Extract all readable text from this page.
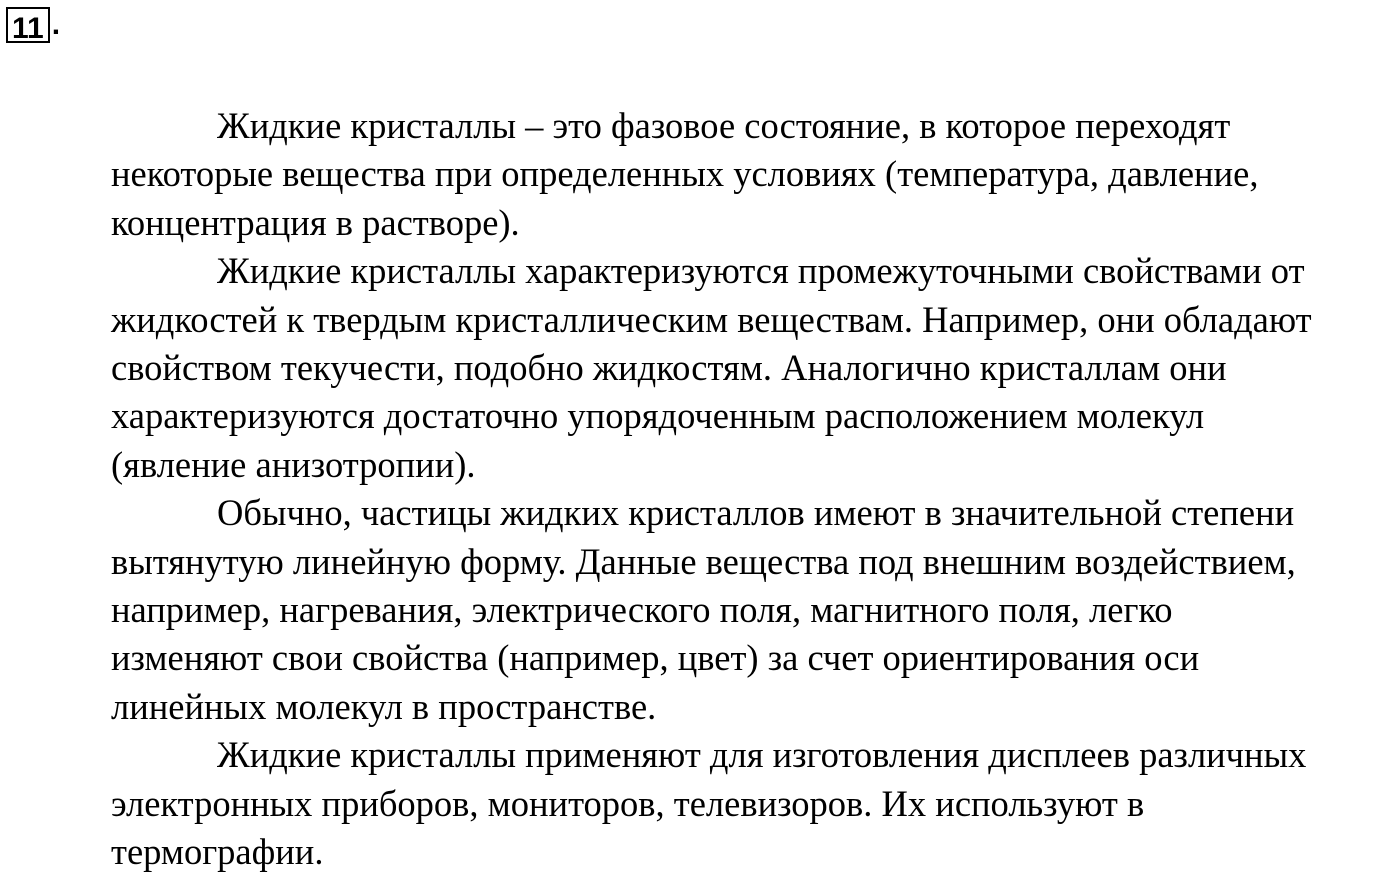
11 .
Жидкие кристаллы – это фазовое состояние, в которое переходят
некоторые вещества при определенных условиях (температура, давление,
концентрация в растворе).
Жидкие кристаллы характеризуются промежуточными свойствами от
жидкостей к твердым кристаллическим веществам. Например, они обладают
свойством текучести, подобно жидкостям. Аналогично кристаллам они
характеризуются достаточно упорядоченным расположением молекул
(явление анизотропии).
Обычно, частицы жидких кристаллов имеют в значительной степени
вытянутую линейную форму. Данные вещества под внешним воздействием,
например, нагревания, электрического поля, магнитного поля, легко
изменяют свои свойства (например, цвет) за счет ориентирования оси
линейных молекул в пространстве.
Жидкие кристаллы применяют для изготовления дисплеев различных
электронных приборов, мониторов, телевизоров. Их используют в
термографии.
